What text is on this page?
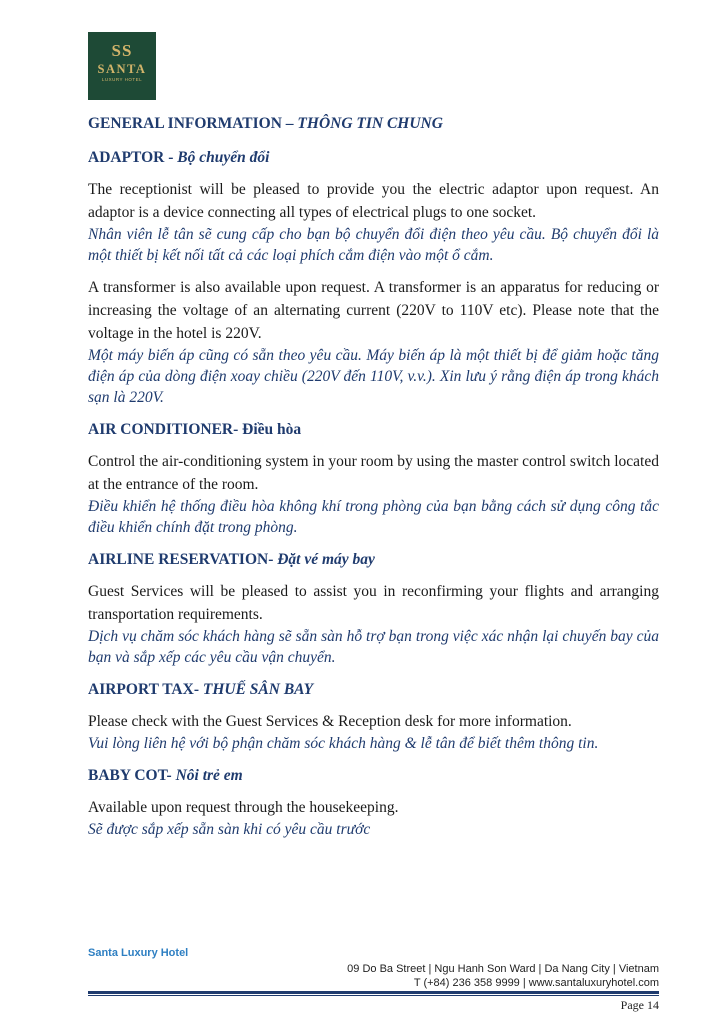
SS
SANTA
LUXURY HOTEL
GENERAL INFORMATION – THÔNG TIN CHUNG
ADAPTOR - Bộ chuyển đổi

The receptionist will be pleased to provide you the electric adaptor upon request. An adaptor is a device connecting all types of electrical plugs to one socket.

Nhân viên lễ tân sẽ cung cấp cho bạn bộ chuyển đổi điện theo yêu cầu. Bộ chuyển đổi là một thiết bị kết nối tất cả các loại phích cắm điện vào một ổ cắm.

A transformer is also available upon request. A transformer is an apparatus for reducing or increasing the voltage of an alternating current (220V to 110V etc). Please note that the voltage in the hotel is 220V.

Một máy biến áp cũng có sẵn theo yêu cầu. Máy biến áp là một thiết bị để giảm hoặc tăng điện áp của dòng điện xoay chiều (220V đến 110V, v.v.). Xin lưu ý rằng điện áp trong khách sạn là 220V.

AIR CONDITIONER- Điều hòa

Control the air-conditioning system in your room by using the master control switch located at the entrance of the room.

Điều khiển hệ thống điều hòa không khí trong phòng của bạn bằng cách sử dụng công tắc điều khiển chính đặt trong phòng.

AIRLINE RESERVATION- Đặt vé máy bay

Guest Services will be pleased to assist you in reconfirming your flights and arranging transportation requirements.

Dịch vụ chăm sóc khách hàng sẽ sẵn sàn hỗ trợ bạn trong việc xác nhận lại chuyến bay của bạn và sắp xếp các yêu cầu vận chuyển.

AIRPORT TAX- THUẾ SÂN BAY

Please check with the Guest Services & Reception desk for more information.

Vui lòng liên hệ với bộ phận chăm sóc khách hàng & lễ tân để biết thêm thông tin.

BABY COT- Nôi trẻ em

Available upon request through the housekeeping.

Sẽ được sắp xếp sẵn sàn khi có yêu cầu trước

Santa Luxury Hotel
09 Do Ba Street | Ngu Hanh Son Ward | Da Nang City | Vietnam
T (+84) 236 358 9999 | www.santaluxuryhotel.com
Page 14
